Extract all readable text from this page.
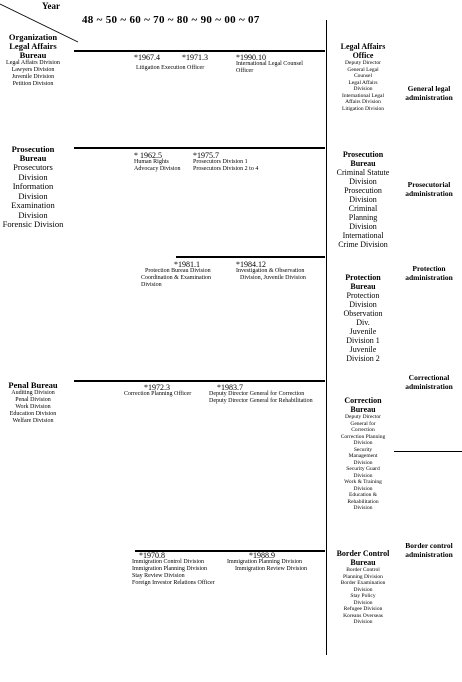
Year
48 ~ 50 ~ 60 ~ 70 ~ 80 ~ 90 ~ 00 ~ 07
Organization Legal Affairs Bureau
Legal Affairs Division
Lawyers Division
Juvenile Division
Petition Division
*1967.4	*1971.3
Litigation Execution Officer
*1990.10
International Legal Counsel
Officer
Legal Affairs Office
Deputy Director
General Legal
Counsel
Legal Affairs
Division
International Legal
Affairs Division
Litigation Division
General legal administration
Prosecution Bureau
Prosecutors Division
Information Division
Examination Division
Forensic Division
* 1962.5
Human Rights
Advocacy Division
*1975.7
Prosecutors Division 1
Prosecutors Division 2 to 4
Prosecution Bureau
Criminal Statute
Division
Prosecution
Division
Criminal
Planning
Division
International
Crime Division
Prosecutorial administration
*1981.1
Protection Bureau Division
Coordination & Examination
Division
*1984.12
Investigation & Observation
Division, Juvenile Division	Protection Bureau
Protection
Division
Observation
Div.
Juvenile
Division 1
Juvenile
Division 2
Protection administration
Penal Bureau
Auditing Division
Penal Division
Work Division
Education Division
Welfare Division
*1972.3
Correction Planning Officer
*1983.7
Deputy Director General for Correction
Deputy Director General for Rehabilitation	Correction Bureau
Deputy Director
General for
Correction
Correction Planning
Division
Security
Management
Division
Security Guard
Division
Work & Training
Division
Education &
Rehabilitation
Division
Correctional administration
*1970.8
Immigration Control Division
Immigration Planning Division
Stay Review Division
Foreign Investor Relations Officer
*1988.9
Immigration Planning Division
Immigration Review Division
Border Control Bureau
Border Control
Planning Division
Border Examination
Division
Stay Policy
Division
Refugee Division
Koreans Overseas
Division
Border control administration
